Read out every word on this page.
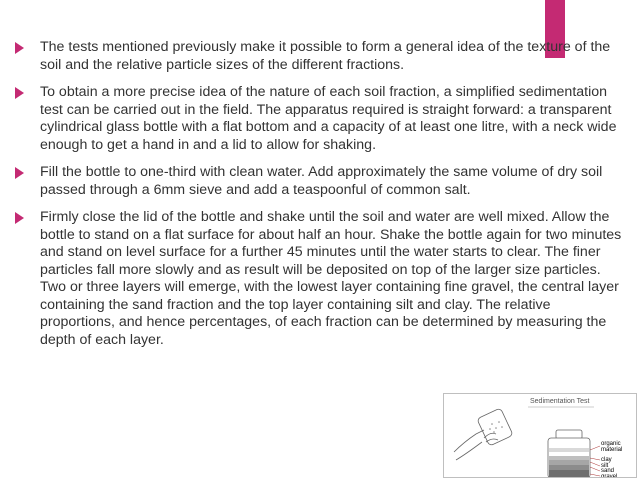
The tests mentioned previously make it possible to form a general idea of the texture of the soil and the relative particle sizes of the different fractions.
To obtain a more precise idea of the nature of each soil fraction, a simplified sedimentation test can be carried out in the field. The apparatus required is straight forward: a transparent cylindrical glass bottle with a flat bottom and a capacity of at least one litre, with a neck wide enough to get a hand in and a lid to allow for shaking.
Fill the bottle to one-third with clean water. Add approximately the same volume of dry soil passed through a 6mm sieve and add a teaspoonful of common salt.
Firmly close the lid of the bottle and shake until the soil and water are well mixed. Allow the bottle to stand on a flat surface for about half an hour. Shake the bottle again for two minutes and stand on level surface for a further 45 minutes until the water starts to clear. The finer particles fall more slowly and as result will be deposited on top of the larger size particles. Two or three layers will emerge, with the lowest layer containing fine gravel, the central layer containing the sand fraction and the top layer containing silt and clay. The relative proportions, and hence percentages, of each fraction can be determined by measuring the depth of each layer.
Sedimentation Test
organic
material
clay
silt
sand
gravel
